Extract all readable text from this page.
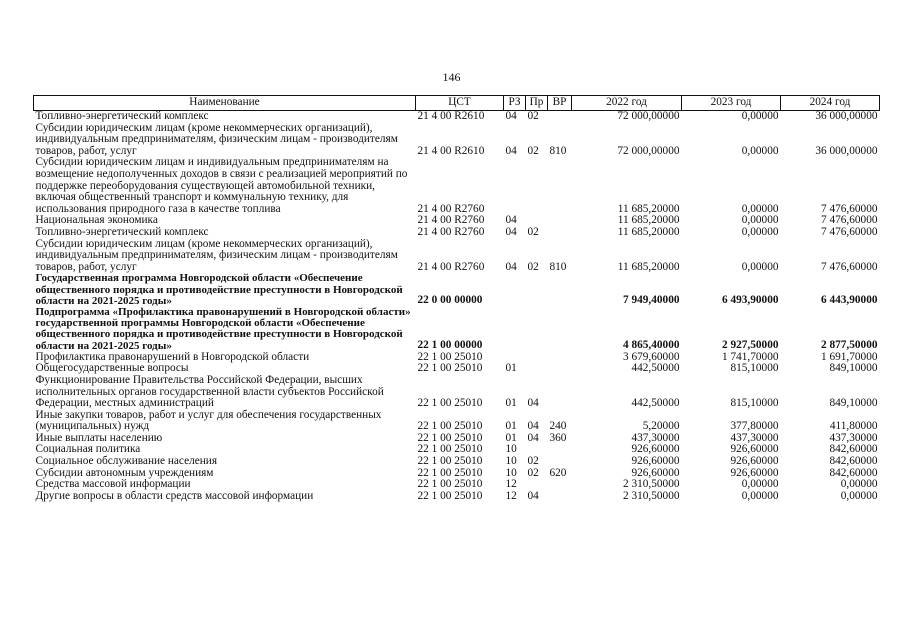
146
Наименование	ЦСТ	РЗ	Пр	ВР	2022 год	2023 год	2024 год
Топливно-энергетический комплекс	21 4 00 R2610	04	02		72 000,00000	0,00000	36 000,00000
Субсидии юридическим лицам (кроме некоммерческих организаций), индивидуальным предпринимателям, физическим лицам - производителям товаров, работ, услуг	21 4 00 R2610	04	02	810	72 000,00000	0,00000	36 000,00000
Субсидии юридическим лицам и индивидуальным предпринимателям на возмещение недополученных доходов в связи с реализацией мероприятий по поддержке переоборудования существующей автомобильной техники, включая общественный транспорт и коммунальную технику, для использования природного газа в качестве топлива	21 4 00 R2760				11 685,20000	0,00000	7 476,60000
Национальная экономика	21 4 00 R2760	04			11 685,20000	0,00000	7 476,60000
Топливно-энергетический комплекс	21 4 00 R2760	04	02		11 685,20000	0,00000	7 476,60000
Субсидии юридическим лицам (кроме некоммерческих организаций), индивидуальным предпринимателям, физическим лицам - производителям товаров, работ, услуг	21 4 00 R2760	04	02	810	11 685,20000	0,00000	7 476,60000
Государственная программа Новгородской области «Обеспечение общественного порядка и противодействие преступности в Новгородской области на 2021-2025 годы»	22 0 00 00000				7 949,40000	6 493,90000	6 443,90000
Подпрограмма «Профилактика правонарушений в Новгородской области» государственной программы Новгородской области «Обеспечение общественного порядка и противодействие преступности в Новгородской области на 2021-2025 годы»	22 1 00 00000				4 865,40000	2 927,50000	2 877,50000
Профилактика правонарушений в Новгородской области	22 1 00 25010				3 679,60000	1 741,70000	1 691,70000
Общегосударственные вопросы	22 1 00 25010	01			442,50000	815,10000	849,10000
Функционирование Правительства Российской Федерации, высших исполнительных органов государственной власти субъектов Российской Федерации, местных администраций	22 1 00 25010	01	04		442,50000	815,10000	849,10000
Иные закупки товаров, работ и услуг для обеспечения государственных (муниципальных) нужд	22 1 00 25010	01	04	240	5,20000	377,80000	411,80000
Иные выплаты населению	22 1 00 25010	01	04	360	437,30000	437,30000	437,30000
Социальная политика	22 1 00 25010	10			926,60000	926,60000	842,60000
Социальное обслуживание населения	22 1 00 25010	10	02		926,60000	926,60000	842,60000
Субсидии автономным учреждениям	22 1 00 25010	10	02	620	926,60000	926,60000	842,60000
Средства массовой информации	22 1 00 25010	12			2 310,50000	0,00000	0,00000
Другие вопросы в области средств массовой информации	22 1 00 25010	12	04		2 310,50000	0,00000	0,00000
